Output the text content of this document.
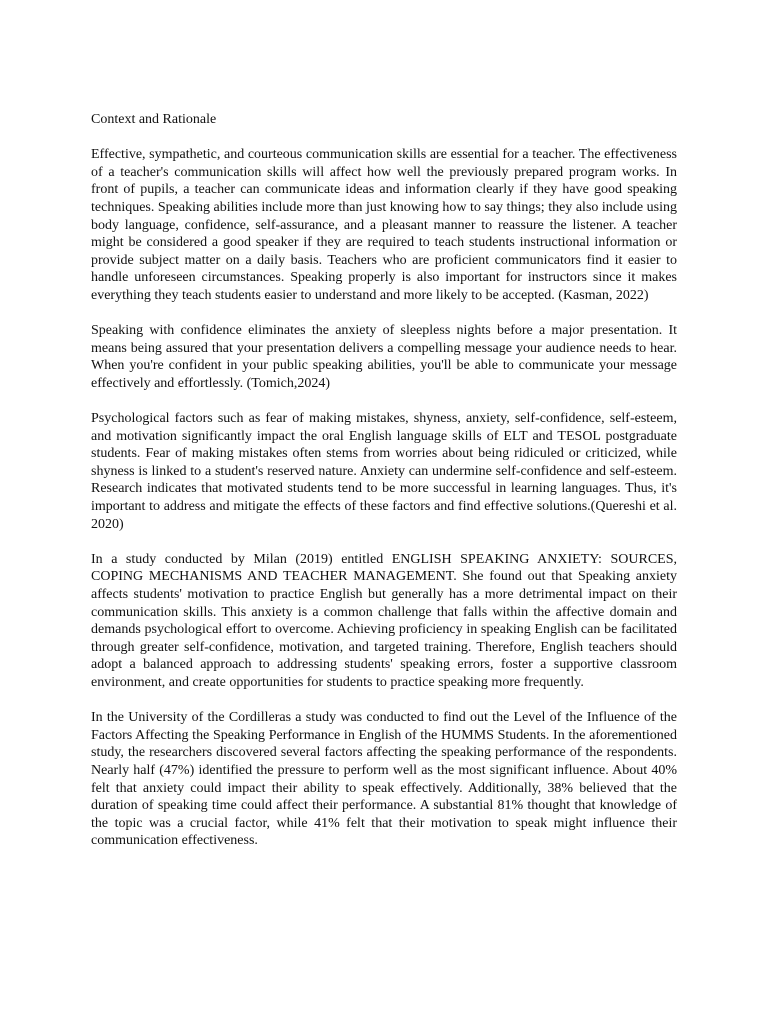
Context and Rationale

Effective, sympathetic, and courteous communication skills are essential for a teacher. The effectiveness of a teacher's communication skills will affect how well the previously prepared program works. In front of pupils, a teacher can communicate ideas and information clearly if they have good speaking techniques. Speaking abilities include more than just knowing how to say things; they also include using body language, confidence, self-assurance, and a pleasant manner to reassure the listener. A teacher might be considered a good speaker if they are required to teach students instructional information or provide subject matter on a daily basis. Teachers who are proficient communicators find it easier to handle unforeseen circumstances. Speaking properly is also important for instructors since it makes everything they teach students easier to understand and more likely to be accepted. (Kasman, 2022)

Speaking with confidence eliminates the anxiety of sleepless nights before a major presentation. It means being assured that your presentation delivers a compelling message your audience needs to hear. When you're confident in your public speaking abilities, you'll be able to communicate your message effectively and effortlessly. (Tomich,2024)

Psychological factors such as fear of making mistakes, shyness, anxiety, self-confidence, self-esteem, and motivation significantly impact the oral English language skills of ELT and TESOL postgraduate students. Fear of making mistakes often stems from worries about being ridiculed or criticized, while shyness is linked to a student's reserved nature. Anxiety can undermine self-confidence and self-esteem. Research indicates that motivated students tend to be more successful in learning languages. Thus, it's important to address and mitigate the effects of these factors and find effective solutions.(Quereshi et al. 2020)

In a study conducted by Milan (2019) entitled ENGLISH SPEAKING ANXIETY: SOURCES, COPING MECHANISMS AND TEACHER MANAGEMENT. She found out that Speaking anxiety affects students' motivation to practice English but generally has a more detrimental impact on their communication skills. This anxiety is a common challenge that falls within the affective domain and demands psychological effort to overcome. Achieving proficiency in speaking English can be facilitated through greater self-confidence, motivation, and targeted training. Therefore, English teachers should adopt a balanced approach to addressing students' speaking errors, foster a supportive classroom environment, and create opportunities for students to practice speaking more frequently.

In the University of the Cordilleras a study was conducted to find out the Level of the Influence of the Factors Affecting the Speaking Performance in English of the HUMMS Students. In the aforementioned study, the researchers discovered several factors affecting the speaking performance of the respondents. Nearly half (47%) identified the pressure to perform well as the most significant influence. About 40% felt that anxiety could impact their ability to speak effectively. Additionally, 38% believed that the duration of speaking time could affect their performance. A substantial 81% thought that knowledge of the topic was a crucial factor, while 41% felt that their motivation to speak might influence their communication effectiveness.
